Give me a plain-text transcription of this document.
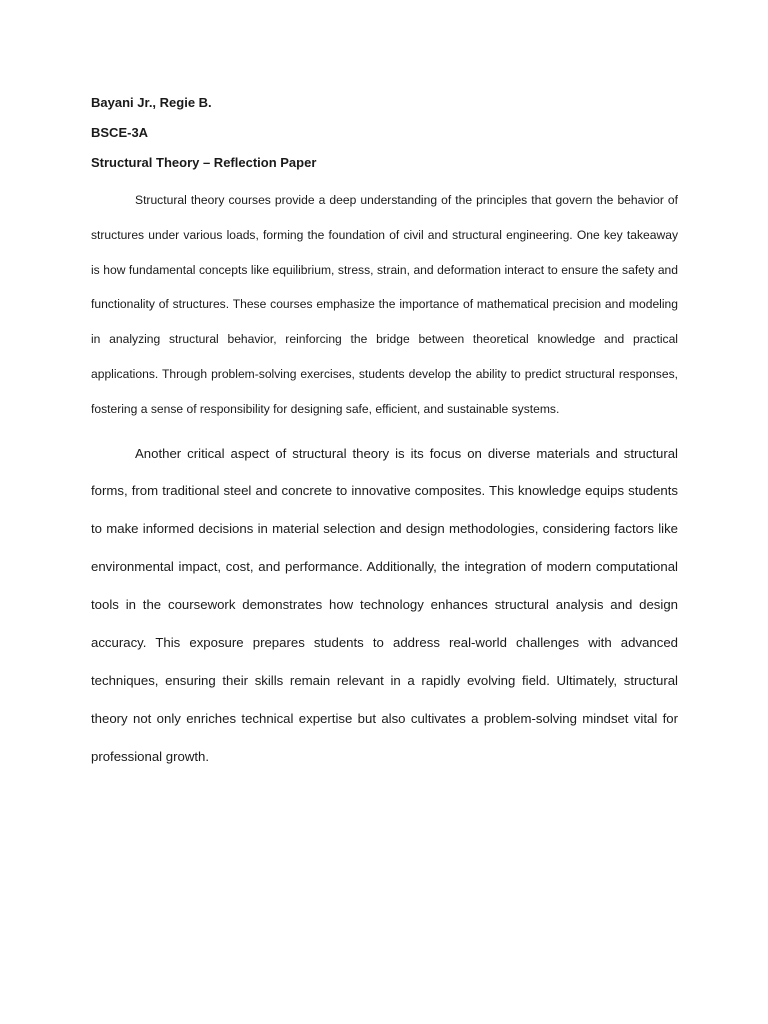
Bayani Jr., Regie B.

BSCE-3A

Structural Theory – Reflection Paper

Structural theory courses provide a deep understanding of the principles that govern the behavior of structures under various loads, forming the foundation of civil and structural engineering. One key takeaway is how fundamental concepts like equilibrium, stress, strain, and deformation interact to ensure the safety and functionality of structures. These courses emphasize the importance of mathematical precision and modeling in analyzing structural behavior, reinforcing the bridge between theoretical knowledge and practical applications. Through problem-solving exercises, students develop the ability to predict structural responses, fostering a sense of responsibility for designing safe, efficient, and sustainable systems.

Another critical aspect of structural theory is its focus on diverse materials and structural forms, from traditional steel and concrete to innovative composites. This knowledge equips students to make informed decisions in material selection and design methodologies, considering factors like environmental impact, cost, and performance. Additionally, the integration of modern computational tools in the coursework demonstrates how technology enhances structural analysis and design accuracy. This exposure prepares students to address real-world challenges with advanced techniques, ensuring their skills remain relevant in a rapidly evolving field. Ultimately, structural theory not only enriches technical expertise but also cultivates a problem-solving mindset vital for professional growth.
